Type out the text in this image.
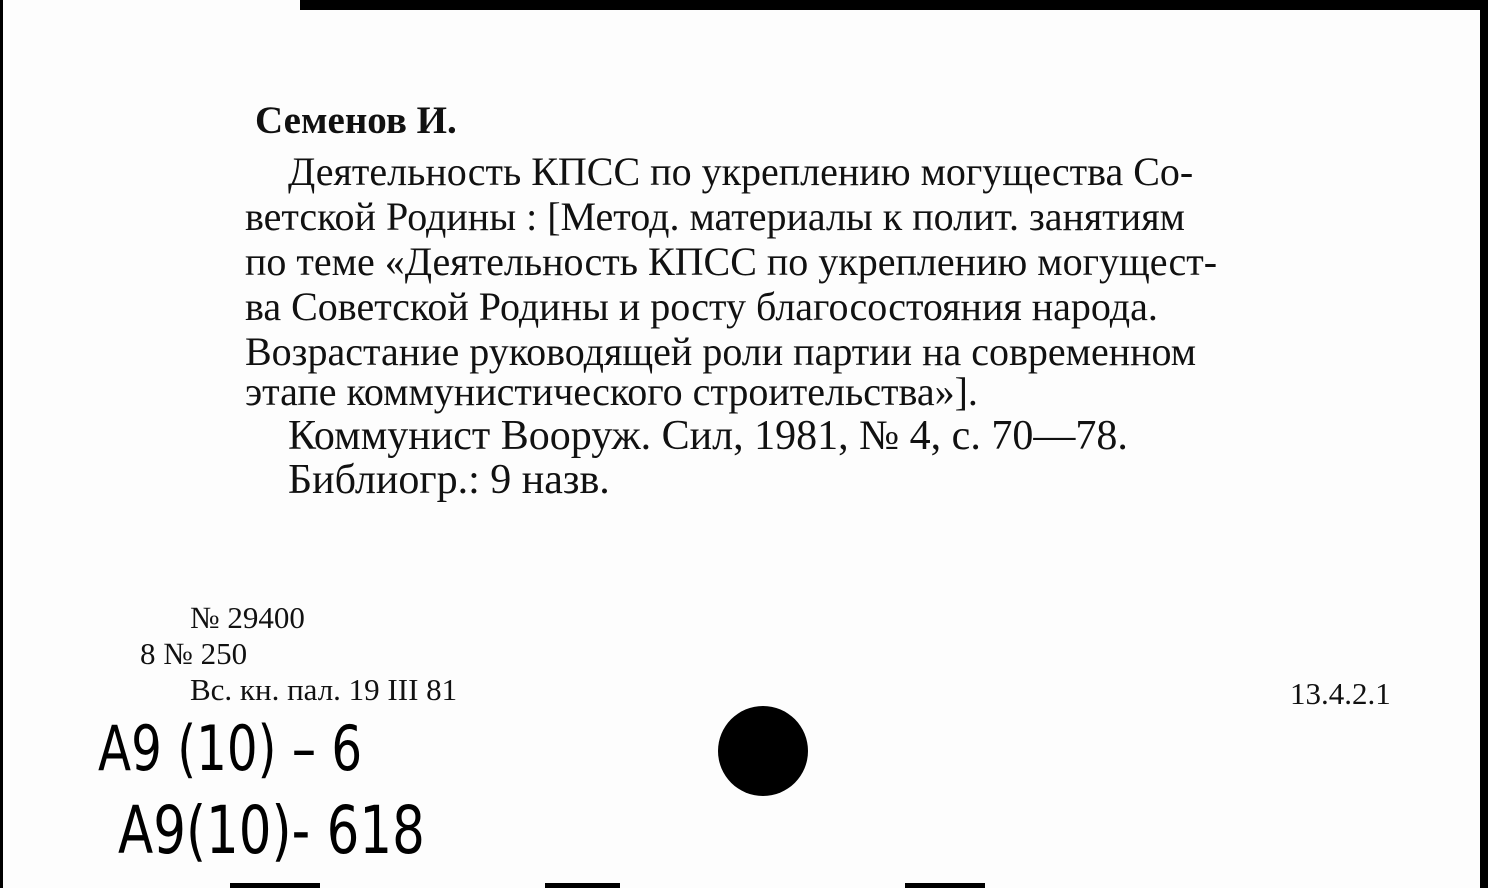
Семенов И.
Деятельность КПСС по укреплению могущества Со-
ветской Родины : [Метод. материалы к полит. занятиям
по теме «Деятельность КПСС по укреплению могущест-
ва Советской Родины и росту благосостояния народа.
Возрастание руководящей роли партии на современном
этапе коммунистического строительства»].
Коммунист Вооруж. Сил, 1981, № 4, с. 70—78.
Библиогр.: 9 назв.
№ 29400
8 № 250
Вс. кн. пал. 19 III 81	13.4.2.1
А9 (10) – 6
А9(10)- 618
